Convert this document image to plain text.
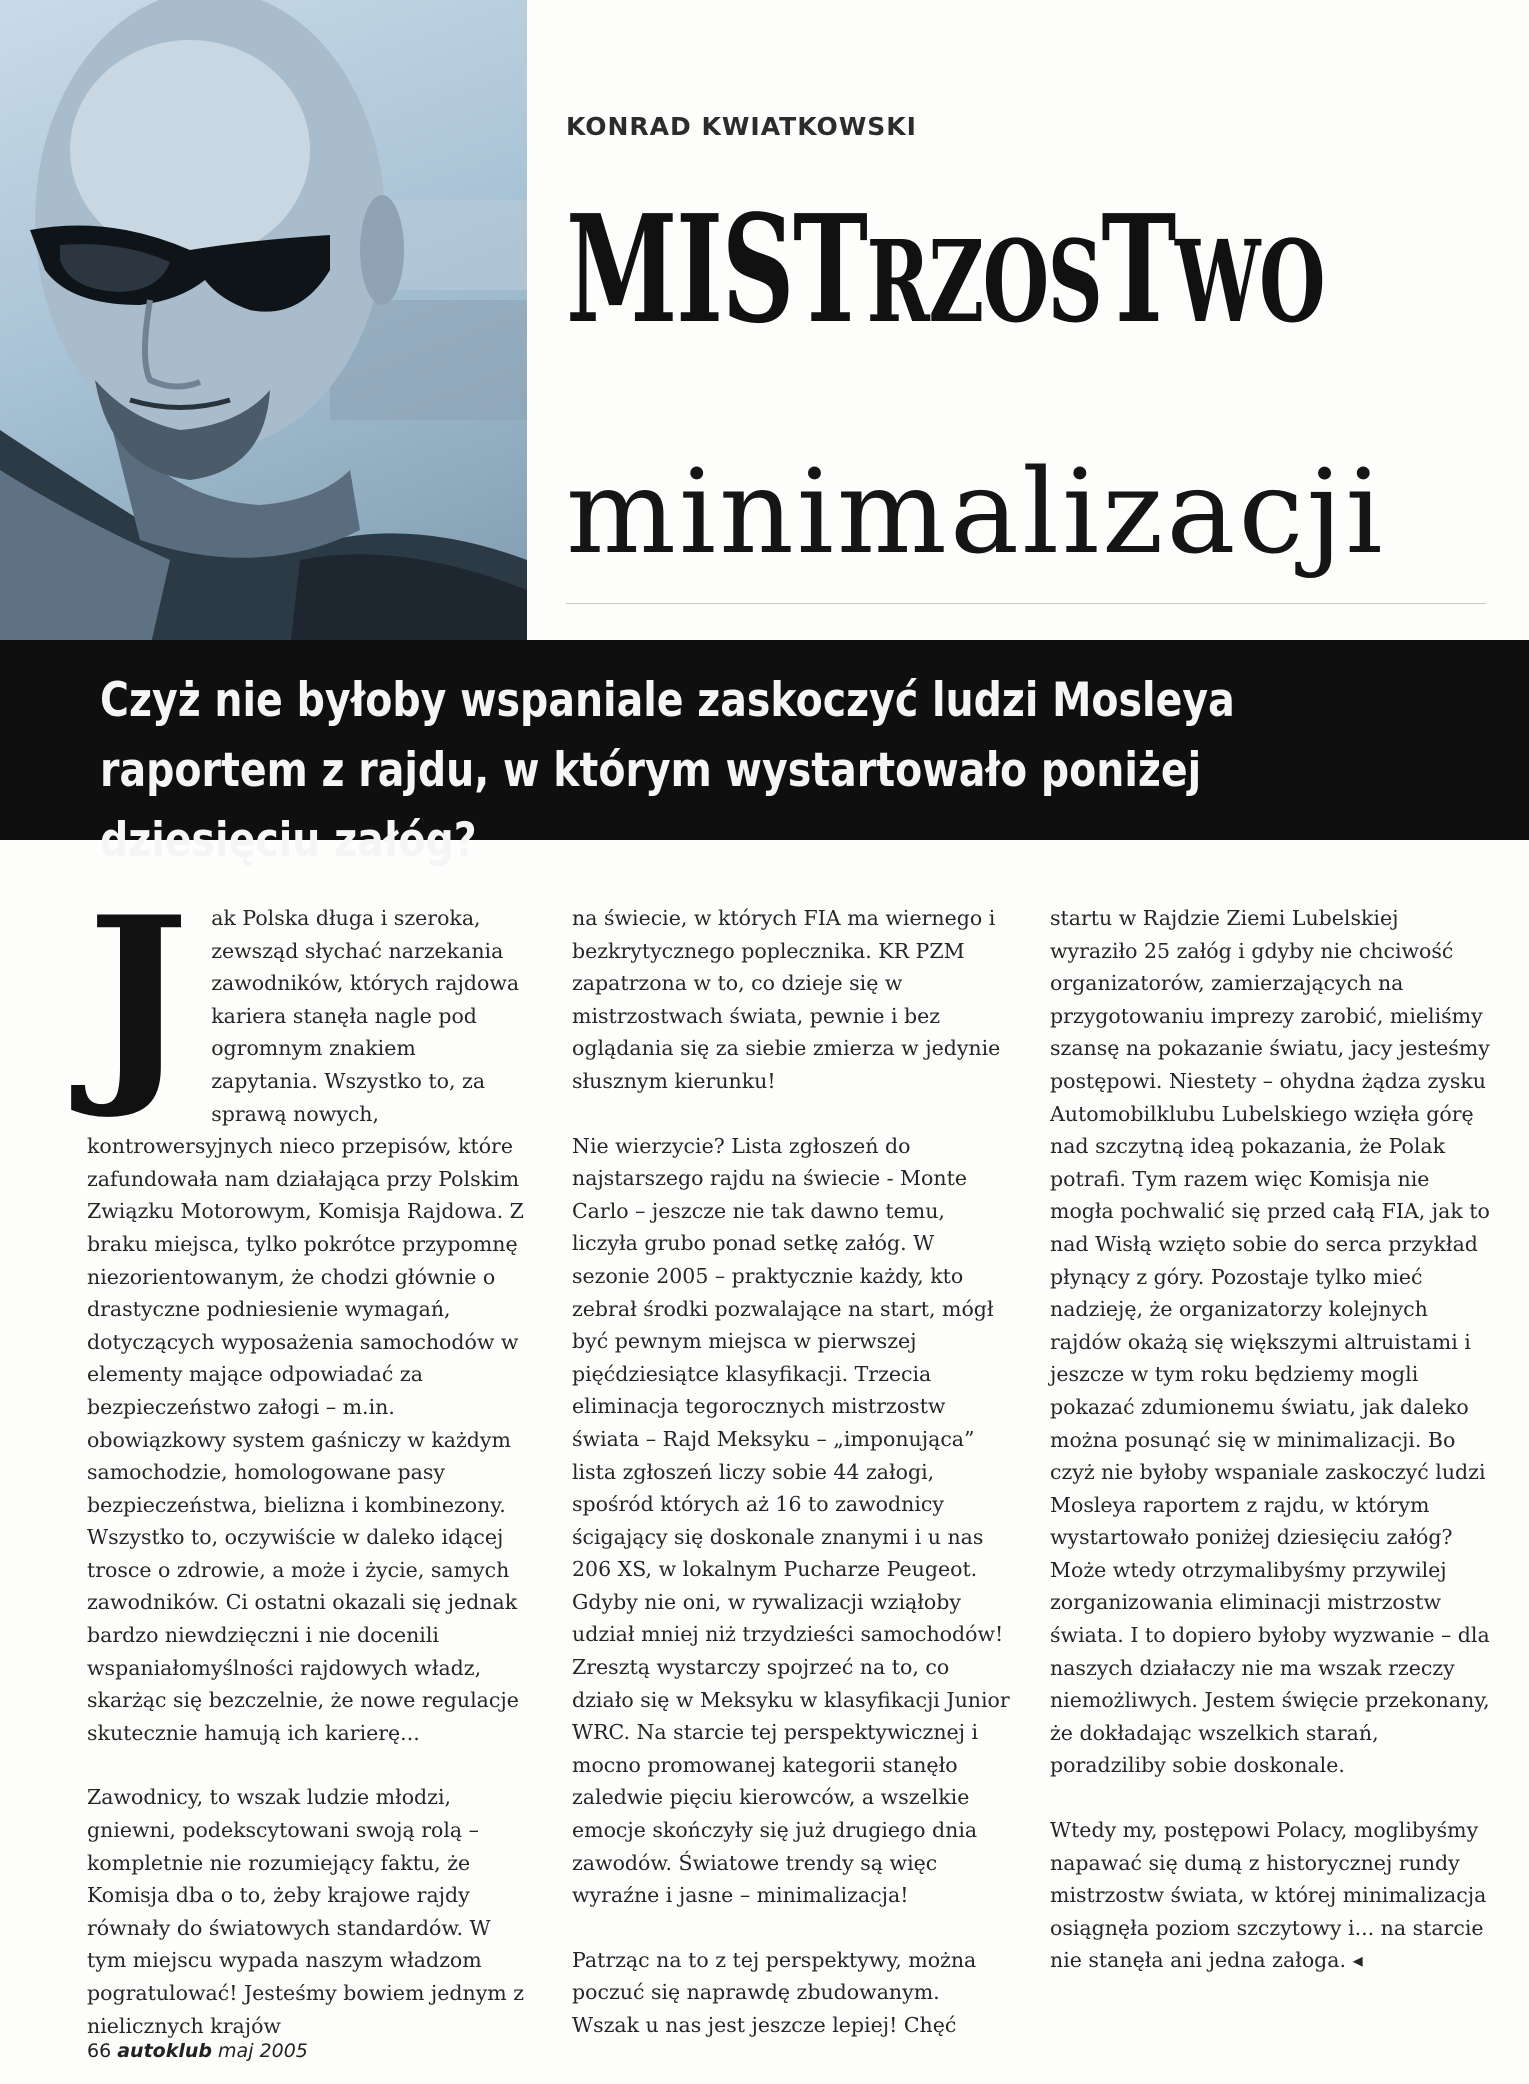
KONRAD KWIATKOWSKI
MISTRZOSTWO
minimalizacji
Czyż nie byłoby wspaniale zaskoczyć ludzi Mosleya raportem z rajdu, w którym wystartowało poniżej dziesięciu załóg?

J ak Polska długa i szeroka, zewsząd słychać narzekania zawodników, których rajdowa kariera stanęła nagle pod ogromnym znakiem zapytania. Wszystko to, za sprawą nowych, kontrowersyjnych nieco przepisów, które zafundowała nam działająca przy Polskim Związku Motorowym, Komisja Rajdowa. Z braku miejsca, tylko pokrótce przypomnę niezorientowanym, że chodzi głównie o drastyczne podniesienie wymagań, dotyczących wyposażenia samochodów w elementy mające odpowiadać za bezpieczeństwo załogi – m.in. obowiązkowy system gaśniczy w każdym samochodzie, homologowane pasy bezpieczeństwa, bielizna i kombinezony. Wszystko to, oczywiście w daleko idącej trosce o zdrowie, a może i życie, samych zawodników. Ci ostatni okazali się jednak bardzo niewdzięczni i nie docenili wspaniałomyślności rajdowych władz, skarżąc się bezczelnie, że nowe regulacje skutecznie hamują ich karierę...

Zawodnicy, to wszak ludzie młodzi, gniewni, podekscytowani swoją rolą – kompletnie nie rozumiejący faktu, że Komisja dba o to, żeby krajowe rajdy równały do światowych standardów. W tym miejscu wypada naszym władzom pogratulować! Jesteśmy bowiem jednym z nielicznych krajów

na świecie, w których FIA ma wiernego i bezkrytycznego poplecznika. KR PZM zapatrzona w to, co dzieje się w mistrzostwach świata, pewnie i bez oglądania się za siebie zmierza w jedynie słusznym kierunku!

Nie wierzycie? Lista zgłoszeń do najstarszego rajdu na świecie - Monte Carlo – jeszcze nie tak dawno temu, liczyła grubo ponad setkę załóg. W sezonie 2005 – praktycznie każdy, kto zebrał środki pozwalające na start, mógł być pewnym miejsca w pierwszej pięćdziesiątce klasyfikacji. Trzecia eliminacja tegorocznych mistrzostw świata – Rajd Meksyku – „imponująca” lista zgłoszeń liczy sobie 44 załogi, spośród których aż 16 to zawodnicy ścigający się doskonale znanymi i u nas 206 XS, w lokalnym Pucharze Peugeot. Gdyby nie oni, w rywalizacji wziąłoby udział mniej niż trzydzieści samochodów! Zresztą wystarczy spojrzeć na to, co działo się w Meksyku w klasyfikacji Junior WRC. Na starcie tej perspektywicznej i mocno promowanej kategorii stanęło zaledwie pięciu kierowców, a wszelkie emocje skończyły się już drugiego dnia zawodów. Światowe trendy są więc wyraźne i jasne – minimalizacja!

Patrząc na to z tej perspektywy, można poczuć się naprawdę zbudowanym. Wszak u nas jest jeszcze lepiej! Chęć

startu w Rajdzie Ziemi Lubelskiej wyraziło 25 załóg i gdyby nie chciwość organizatorów, zamierzających na przygotowaniu imprezy zarobić, mieliśmy szansę na pokazanie światu, jacy jesteśmy postępowi. Niestety – ohydna żądza zysku Automobilklubu Lubelskiego wzięła górę nad szczytną ideą pokazania, że Polak potrafi. Tym razem więc Komisja nie mogła pochwalić się przed całą FIA, jak to nad Wisłą wzięto sobie do serca przykład płynący z góry. Pozostaje tylko mieć nadzieję, że organizatorzy kolejnych rajdów okażą się większymi altruistami i jeszcze w tym roku będziemy mogli pokazać zdumionemu światu, jak daleko można posunąć się w minimalizacji. Bo czyż nie byłoby wspaniale zaskoczyć ludzi Mosleya raportem z rajdu, w którym wystartowało poniżej dziesięciu załóg? Może wtedy otrzymalibyśmy przywilej zorganizowania eliminacji mistrzostw świata. I to dopiero byłoby wyzwanie – dla naszych działaczy nie ma wszak rzeczy niemożliwych. Jestem święcie przekonany, że dokładając wszelkich starań, poradziliby sobie doskonale.

Wtedy my, postępowi Polacy, moglibyśmy napawać się dumą z historycznej rundy mistrzostw świata, w której minimalizacja osiągnęła poziom szczytowy i... na starcie nie stanęła ani jedna załoga. ◂

66 autoklub maj 2005
